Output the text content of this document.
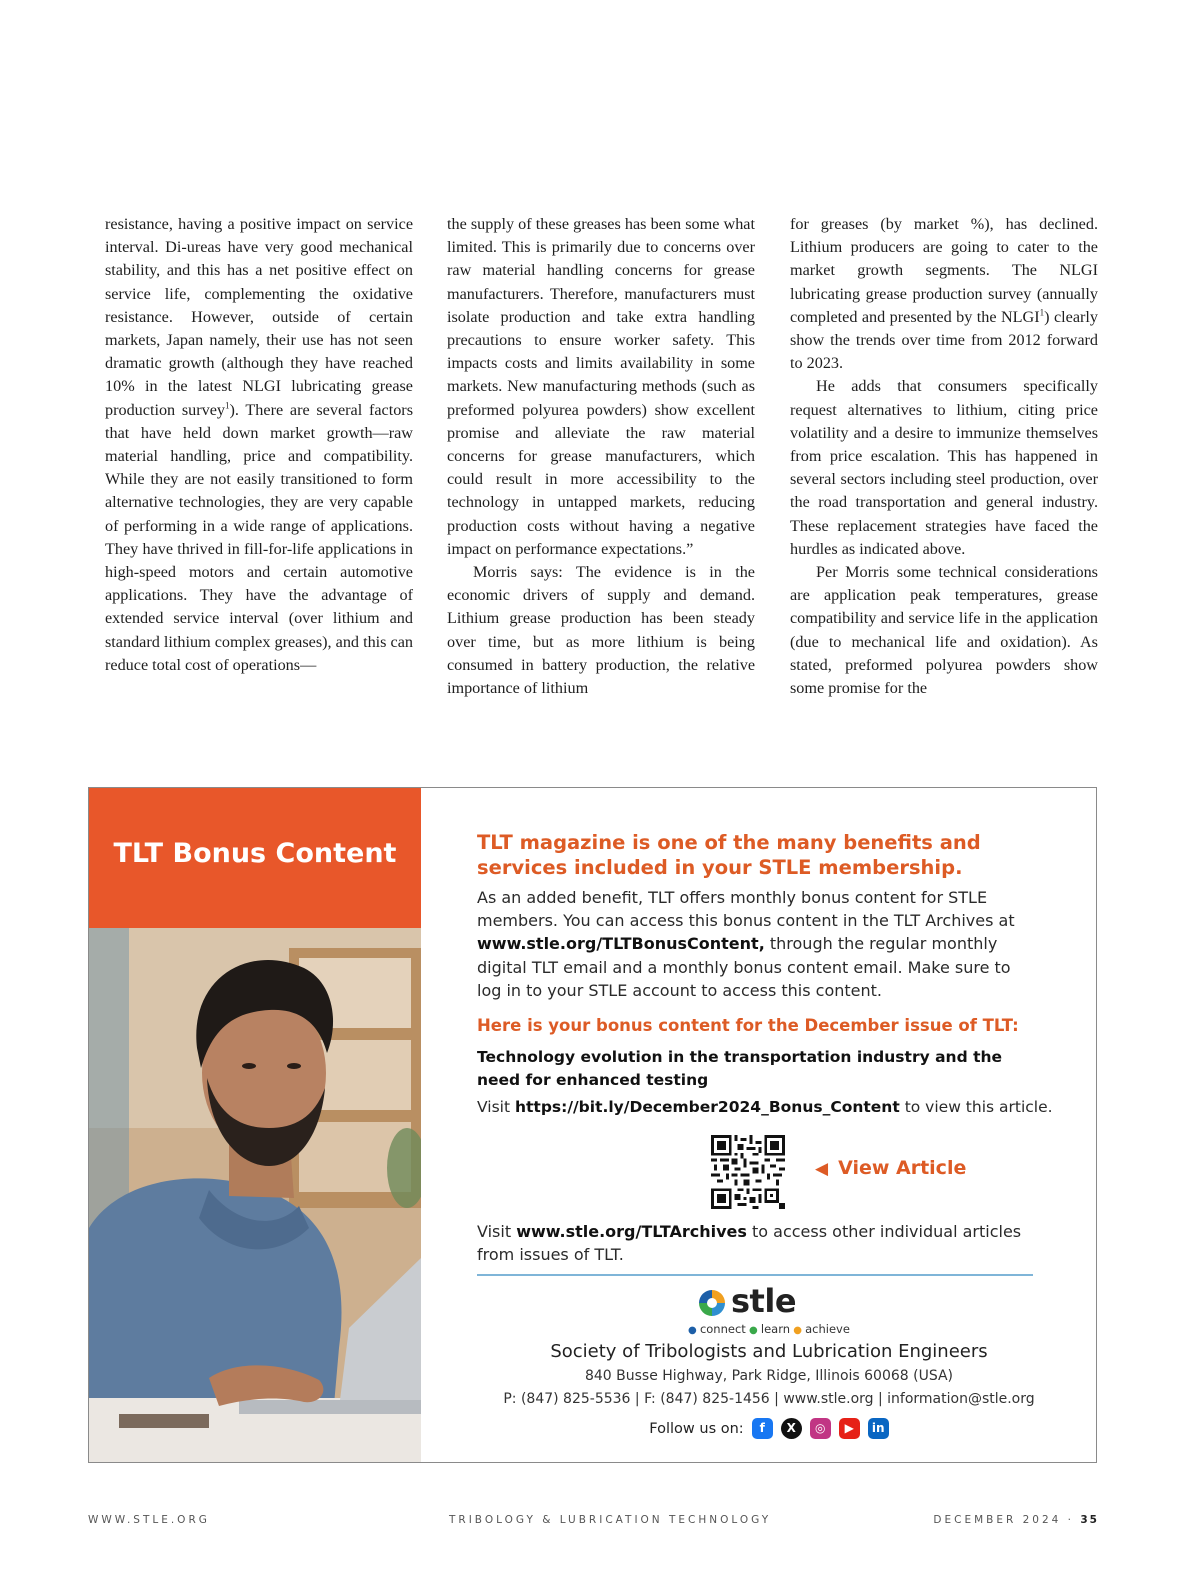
resistance, having a positive impact on service interval. Di-ureas have very good mechanical stability, and this has a net positive effect on service life, complementing the oxidative resistance. However, outside of certain markets, Japan namely, their use has not seen dramatic growth (although they have reached 10% in the latest NLGI lubricating grease production survey$^1$). There are several factors that have held down market growth—raw material handling, price and compatibility. While they are not easily transitioned to form alternative technologies, they are very capable of performing in a wide range of applications. They have thrived in fill-for-life applications in high-speed motors and certain automotive applications. They have the advantage of extended service interval (over lithium and standard lithium complex greases), and this can reduce total cost of operations—

the supply of these greases has been some what limited. This is primarily due to concerns over raw material handling concerns for grease manufacturers. Therefore, manufacturers must isolate production and take extra handling precautions to ensure worker safety. This impacts costs and limits availability in some markets. New manufacturing methods (such as preformed polyurea powders) show excellent promise and alleviate the raw material concerns for grease manufacturers, which could result in more accessibility to the technology in untapped markets, reducing production costs without having a negative impact on performance expectations.”

Morris says: The evidence is in the economic drivers of supply and demand. Lithium grease production has been steady over time, but as more lithium is being consumed in battery production, the relative importance of lithium

for greases (by market %), has declined. Lithium producers are going to cater to the market growth segments. The NLGI lubricating grease production survey (annually completed and presented by the NLGI$^1$) clearly show the trends over time from 2012 forward to 2023.

He adds that consumers specifically request alternatives to lithium, citing price volatility and a desire to immunize themselves from price escalation. This has happened in several sectors including steel production, over the road transportation and general industry. These replacement strategies have faced the hurdles as indicated above.

Per Morris some technical considerations are application peak temperatures, grease compatibility and service life in the application (due to mechanical life and oxidation). As stated, preformed polyurea powders show some promise for the

TLT Bonus Content	TLT magazine is one of the many benefits and services included in your STLE membership.
As an added benefit, TLT offers monthly bonus content for STLE members. You can access this bonus content in the TLT Archives at www.stle.org/TLTBonusContent, through the regular monthly digital TLT email and a monthly bonus content email. Make sure to log in to your STLE account to access this content.
Here is your bonus content for the December issue of TLT:
Technology evolution in the transportation industry and the need for enhanced testing
Visit https://bit.ly/December2024_Bonus_Content to view this article.
◀ View Article
Visit www.stle.org/TLTArchives to access other individual articles from issues of TLT.
stle
● connect ● learn ● achieve
Society of Tribologists and Lubrication Engineers
840 Busse Highway, Park Ridge, Illinois 60068 (USA)
P: (847) 825-5536 | F: (847) 825-1456 | www.stle.org | information@stle.org
Follow us on:	f	X	◎	▶	in
WWW.STLE.ORG	TRIBOLOGY & LUBRICATION TECHNOLOGY	DECEMBER 2024 · 35
